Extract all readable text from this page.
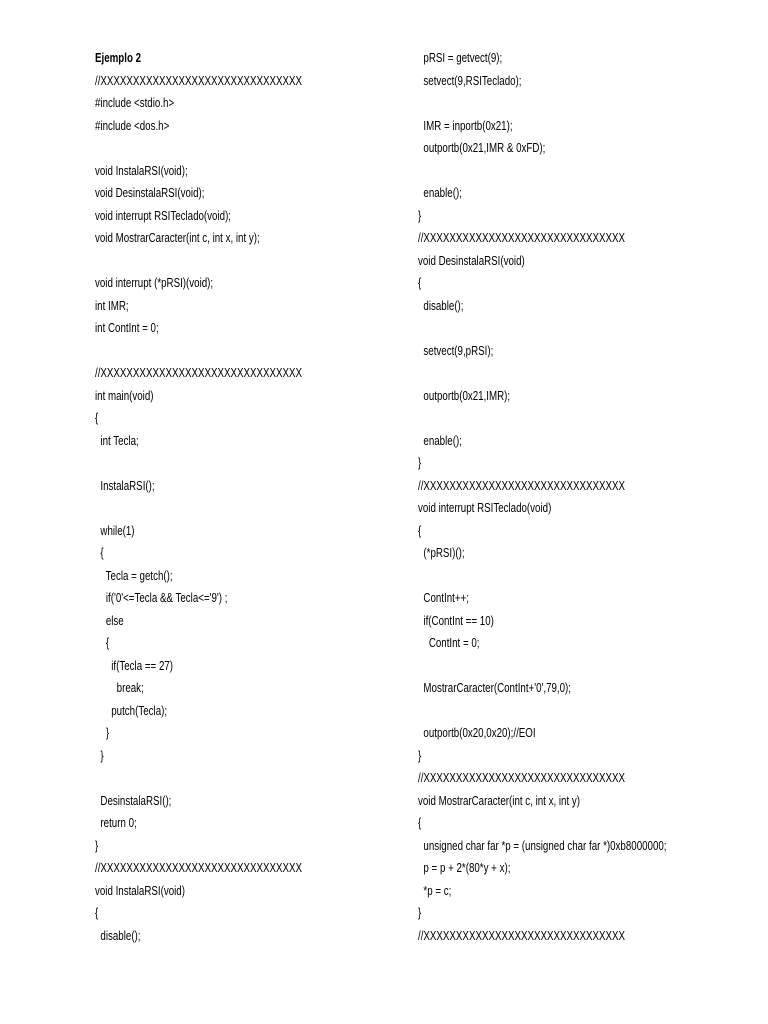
Ejemplo 2
//XXXXXXXXXXXXXXXXXXXXXXXXXXXXXXX
#include <stdio.h>
#include <dos.h>
void InstalaRSI(void);
void DesinstalaRSI(void);
void interrupt RSITeclado(void);
void MostrarCaracter(int c, int x, int y);
void interrupt (*pRSI)(void);
int IMR;
int ContInt = 0;
//XXXXXXXXXXXXXXXXXXXXXXXXXXXXXXX
int main(void)
{
int Tecla;
InstalaRSI();
while(1)
{
Tecla = getch();
if('0'<=Tecla && Tecla<='9') ;
else
{
if(Tecla == 27)
break;
putch(Tecla);
}
}
DesinstalaRSI();
return 0;
}
//XXXXXXXXXXXXXXXXXXXXXXXXXXXXXXX
void InstalaRSI(void)
{
disable();
pRSI = getvect(9);
setvect(9,RSITeclado);
IMR = inportb(0x21);
outportb(0x21,IMR & 0xFD);
enable();
}
//XXXXXXXXXXXXXXXXXXXXXXXXXXXXXXX
void DesinstalaRSI(void)
{
disable();
setvect(9,pRSI);
outportb(0x21,IMR);
enable();
}
//XXXXXXXXXXXXXXXXXXXXXXXXXXXXXXX
void interrupt RSITeclado(void)
{
(*pRSI)();
ContInt++;
if(ContInt == 10)
ContInt = 0;
MostrarCaracter(ContInt+'0',79,0);
outportb(0x20,0x20);//EOI
}
//XXXXXXXXXXXXXXXXXXXXXXXXXXXXXXX
void MostrarCaracter(int c, int x, int y)
{
unsigned char far *p = (unsigned char far *)0xb8000000;
p = p + 2*(80*y + x);
*p = c;
}
//XXXXXXXXXXXXXXXXXXXXXXXXXXXXXXX
